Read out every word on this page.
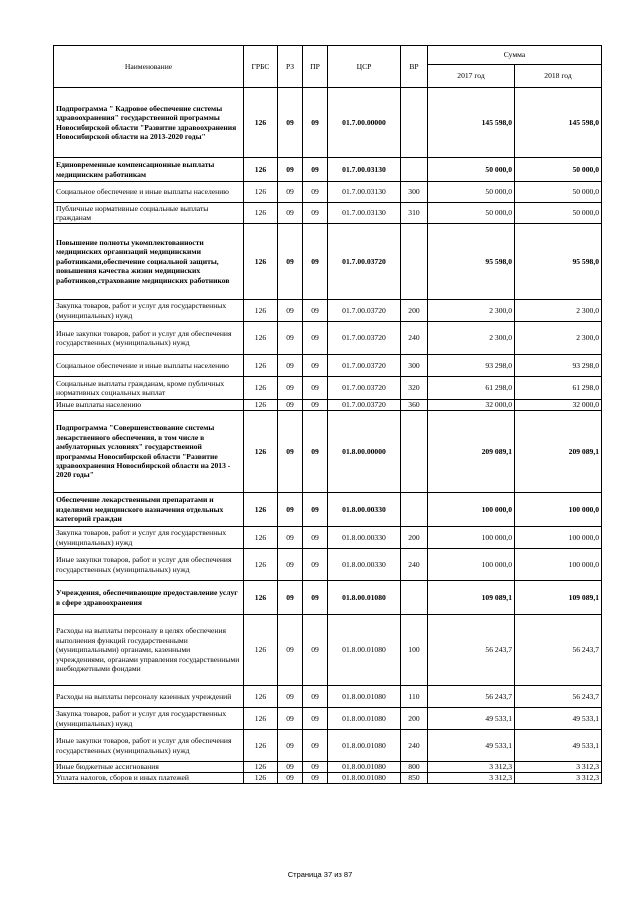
Наименование	ГРБС	РЗ	ПР	ЦСР	ВР	Сумма	
						2017 год	2018 год
Подпрограмма " Кадровое обеспечение системы здравоохранения" государственной программы Новосибирской области "Развитие здравоохранения Новосибирской области на 2013-2020 годы"	126	09	09	01.7.00.00000		145 598,0	145 598,0
Единовременные компенсационные выплаты медицинским работникам	126	09	09	01.7.00.03130		50 000,0	50 000,0
Социальное обеспечение и иные выплаты населению	126	09	09	01.7.00.03130	300	50 000,0	50 000,0
Публичные нормативные социальные выплаты гражданам	126	09	09	01.7.00.03130	310	50 000,0	50 000,0
Повышение полноты укомплектованности медицинских организаций медицинскими работниками,обеспечение социальной защиты, повышения качества жизни медицинских работников,страхование медицинских работников	126	09	09	01.7.00.03720		95 598,0	95 598,0
Закупка товаров, работ и услуг для государственных (муниципальных) нужд	126	09	09	01.7.00.03720	200	2 300,0	2 300,0
Иные закупки товаров, работ и услуг для обеспечения государственных (муниципальных) нужд	126	09	09	01.7.00.03720	240	2 300,0	2 300,0
Социальное обеспечение и иные выплаты населению	126	09	09	01.7.00.03720	300	93 298,0	93 298,0
Социальные выплаты гражданам, кроме публичных нормативных социальных выплат	126	09	09	01.7.00.03720	320	61 298,0	61 298,0
Иные выплаты населению	126	09	09	01.7.00.03720	360	32 000,0	32 000,0
Подпрограмма "Совершенствование системы лекарственного обеспечения, в том числе в амбулаторных условиях" государственной программы Новосибирской области "Развитие здравоохранения Новосибирской области на 2013 - 2020 годы"	126	09	09	01.8.00.00000		209 089,1	209 089,1
Обеспечение лекарственными препаратами и изделиями медицинского назначения отдельных категорий граждан	126	09	09	01.8.00.00330		100 000,0	100 000,0
Закупка товаров, работ и услуг для государственных (муниципальных) нужд	126	09	09	01.8.00.00330	200	100 000,0	100 000,0
Иные закупки товаров, работ и услуг для обеспечения государственных (муниципальных) нужд	126	09	09	01.8.00.00330	240	100 000,0	100 000,0
Учреждения, обеспечивающие предоставление услуг в сфере здравоохранения	126	09	09	01.8.00.01080		109 089,1	109 089,1
Расходы на выплаты персоналу в целях обеспечения выполнения функций государственными (муниципальными) органами, казенными учреждениями, органами управления государственными внебюджетными фондами	126	09	09	01.8.00.01080	100	56 243,7	56 243,7
Расходы на выплаты персоналу казенных учреждений	126	09	09	01.8.00.01080	110	56 243,7	56 243,7
Закупка товаров, работ и услуг для государственных (муниципальных) нужд	126	09	09	01.8.00.01080	200	49 533,1	49 533,1
Иные закупки товаров, работ и услуг для обеспечения государственных (муниципальных) нужд	126	09	09	01.8.00.01080	240	49 533,1	49 533,1
Иные бюджетные ассигнования	126	09	09	01.8.00.01080	800	3 312,3	3 312,3
Уплата налогов, сборов и иных платежей	126	09	09	01.8.00.01080	850	3 312,3	3 312,3
Страница 37 из 87
